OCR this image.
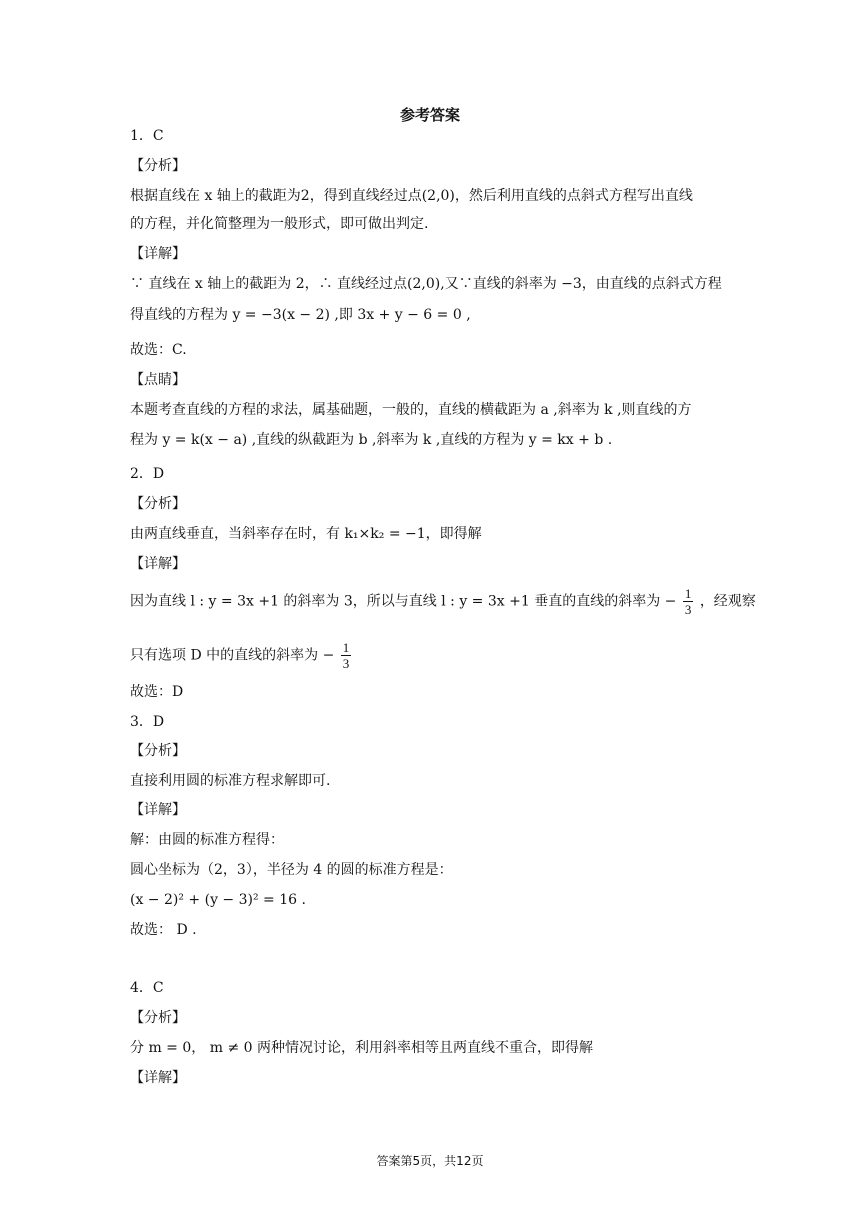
参考答案
1．C
【分析】
根据直线在 x 轴上的截距为2，得到直线经过点(2,0)，然后利用直线的点斜式方程写出直线
的方程，并化简整理为一般形式，即可做出判定.
【详解】
∵ 直线在 x 轴上的截距为 2，∴ 直线经过点(2,0),又∵直线的斜率为 −3，由直线的点斜式方程
得直线的方程为 y = −3(x − 2) ,即 3x + y − 6 = 0 ,
故选：C.
【点睛】
本题考查直线的方程的求法，属基础题，一般的，直线的横截距为 a ,斜率为 k ,则直线的方
程为 y = k(x − a) ,直线的纵截距为 b ,斜率为 k ,直线的方程为 y = kx + b .
2．D
【分析】
由两直线垂直，当斜率存在时，有 k₁×k₂ = −1，即得解
【详解】
因为直线 l : y = 3x +1 的斜率为 3，所以与直线 l : y = 3x +1 垂直的直线的斜率为 − $\frac{1}{3}$ ，经观察
只有选项 D 中的直线的斜率为 − $\frac{1}{3}$
故选：D
3．D
【分析】
直接利用圆的标准方程求解即可.
【详解】
解：由圆的标准方程得：
圆心坐标为（2，3），半径为 4 的圆的标准方程是：
(x − 2)² + (y − 3)² = 16 .
故选： D .
4．C
【分析】
分 m = 0， m ≠ 0 两种情况讨论，利用斜率相等且两直线不重合，即得解
【详解】
答案第5页，共12页
